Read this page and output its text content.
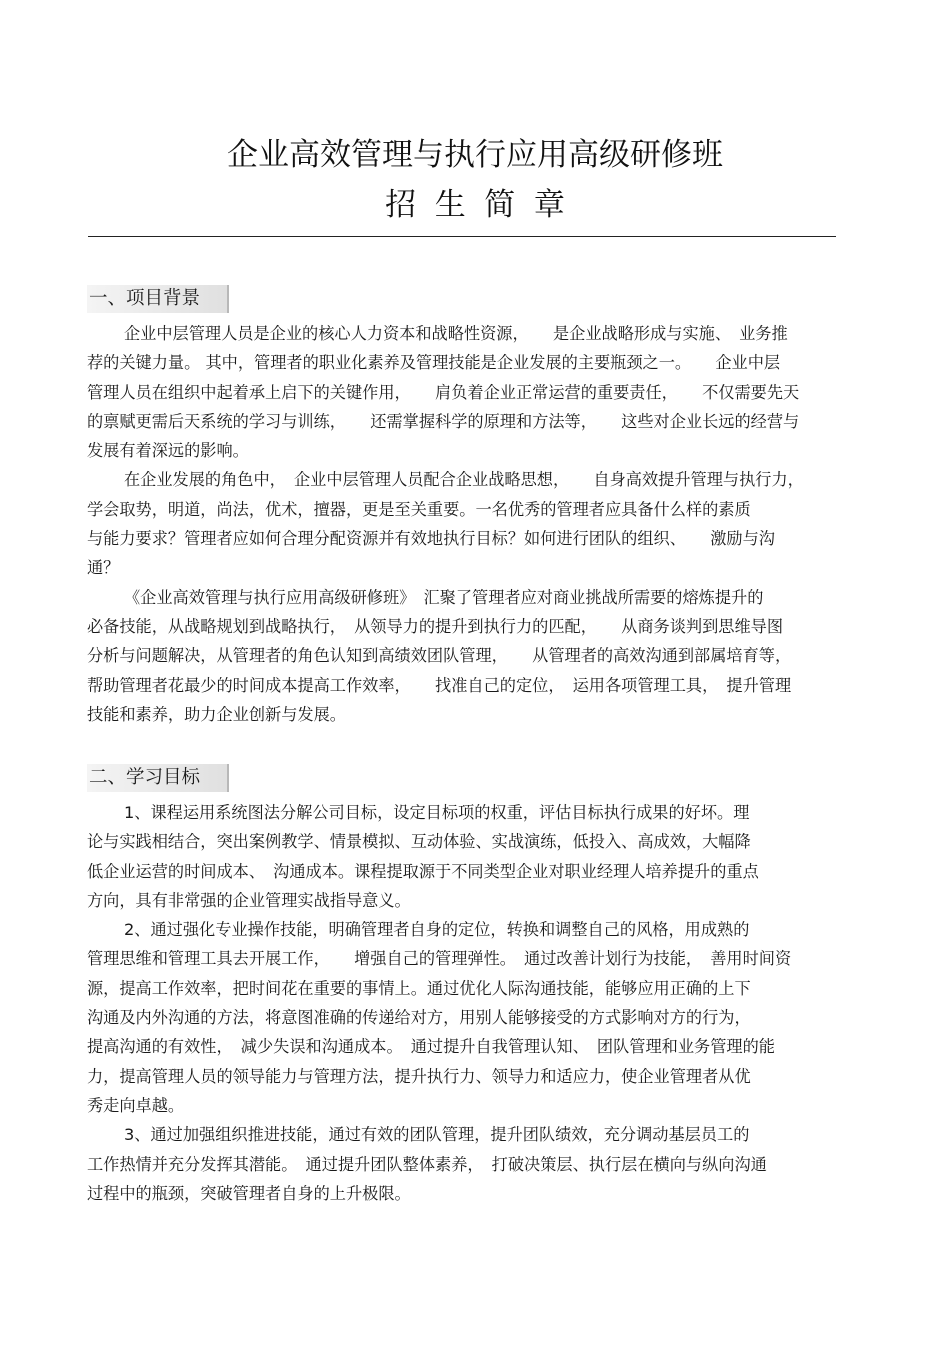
企业高效管理与执行应用高级研修班
招生简章
一、项目背景
企业中层管理人员是企业的核心人力资本和战略性资源，　　是企业战略形成与实施、　业务推
荐的关键力量。 其中，管理者的职业化素养及管理技能是企业发展的主要瓶颈之一。　　企业中层
管理人员在组织中起着承上启下的关键作用，　　肩负着企业正常运营的重要责任，　　不仅需要先天
的禀赋更需后天系统的学习与训练，　　还需掌握科学的原理和方法等，　　这些对企业长远的经营与
发展有着深远的影响。
在企业发展的角色中，　企业中层管理人员配合企业战略思想，　　自身高效提升管理与执行力，
学会取势，明道，尚法，优术，擅器，更是至关重要。一名优秀的管理者应具备什么样的素质
与能力要求？管理者应如何合理分配资源并有效地执行目标？如何进行团队的组织、　　激励与沟
通？
《企业高效管理与执行应用高级研修班》　汇聚了管理者应对商业挑战所需要的熔炼提升的
必备技能，从战略规划到战略执行，　从领导力的提升到执行力的匹配，　　从商务谈判到思维导图
分析与问题解决，从管理者的角色认知到高绩效团队管理，　　从管理者的高效沟通到部属培育等，
帮助管理者花最少的时间成本提高工作效率，　　找准自己的定位，　运用各项管理工具，　提升管理
技能和素养，助力企业创新与发展。
二、学习目标
1、课程运用系统图法分解公司目标，设定目标项的权重，评估目标执行成果的好坏。理
论与实践相结合，突出案例教学、情景模拟、互动体验、实战演练，低投入、高成效，大幅降
低企业运营的时间成本、　沟通成本。课程提取源于不同类型企业对职业经理人培养提升的重点
方向，具有非常强的企业管理实战指导意义。
2、通过强化专业操作技能，明确管理者自身的定位，转换和调整自己的风格，用成熟的
管理思维和管理工具去开展工作，　　增强自己的管理弹性。　通过改善计划行为技能，　善用时间资
源，提高工作效率，把时间花在重要的事情上。通过优化人际沟通技能，能够应用正确的上下
沟通及内外沟通的方法，将意图准确的传递给对方，用别人能够接受的方式影响对方的行为，
提高沟通的有效性，　减少失误和沟通成本。　通过提升自我管理认知、　团队管理和业务管理的能
力，提高管理人员的领导能力与管理方法，提升执行力、领导力和适应力，使企业管理者从优
秀走向卓越。
3、通过加强组织推进技能，通过有效的团队管理，提升团队绩效，充分调动基层员工的
工作热情并充分发挥其潜能。　通过提升团队整体素养，　打破决策层、执行层在横向与纵向沟通
过程中的瓶颈，突破管理者自身的上升极限。
